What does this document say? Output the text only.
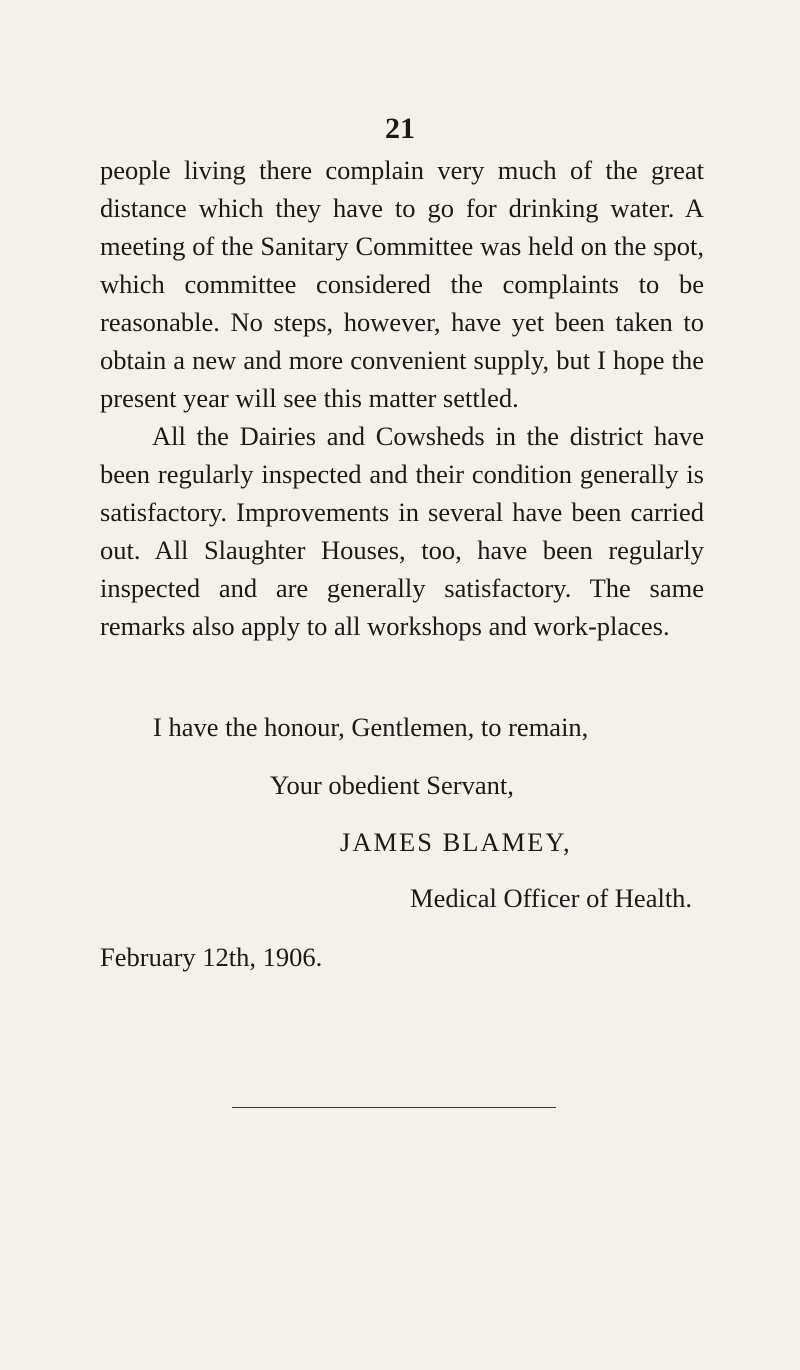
21

people living there complain very much of the great distance which they have to go for drinking water. A meeting of the Sanitary Committee was held on the spot, which committee considered the complaints to be reasonable. No steps, however, have yet been taken to obtain a new and more convenient supply, but I hope the present year will see this matter settled.

All the Dairies and Cowsheds in the district have been regularly inspected and their condition generally is satisfactory. Improvements in several have been carried out. All Slaughter Houses, too, have been regularly inspected and are generally satisfactory. The same remarks also apply to all workshops and work-places.

I have the honour, Gentlemen, to remain,
Your obedient Servant,
JAMES BLAMEY,
Medical Officer of Health.
February 12th, 1906.
